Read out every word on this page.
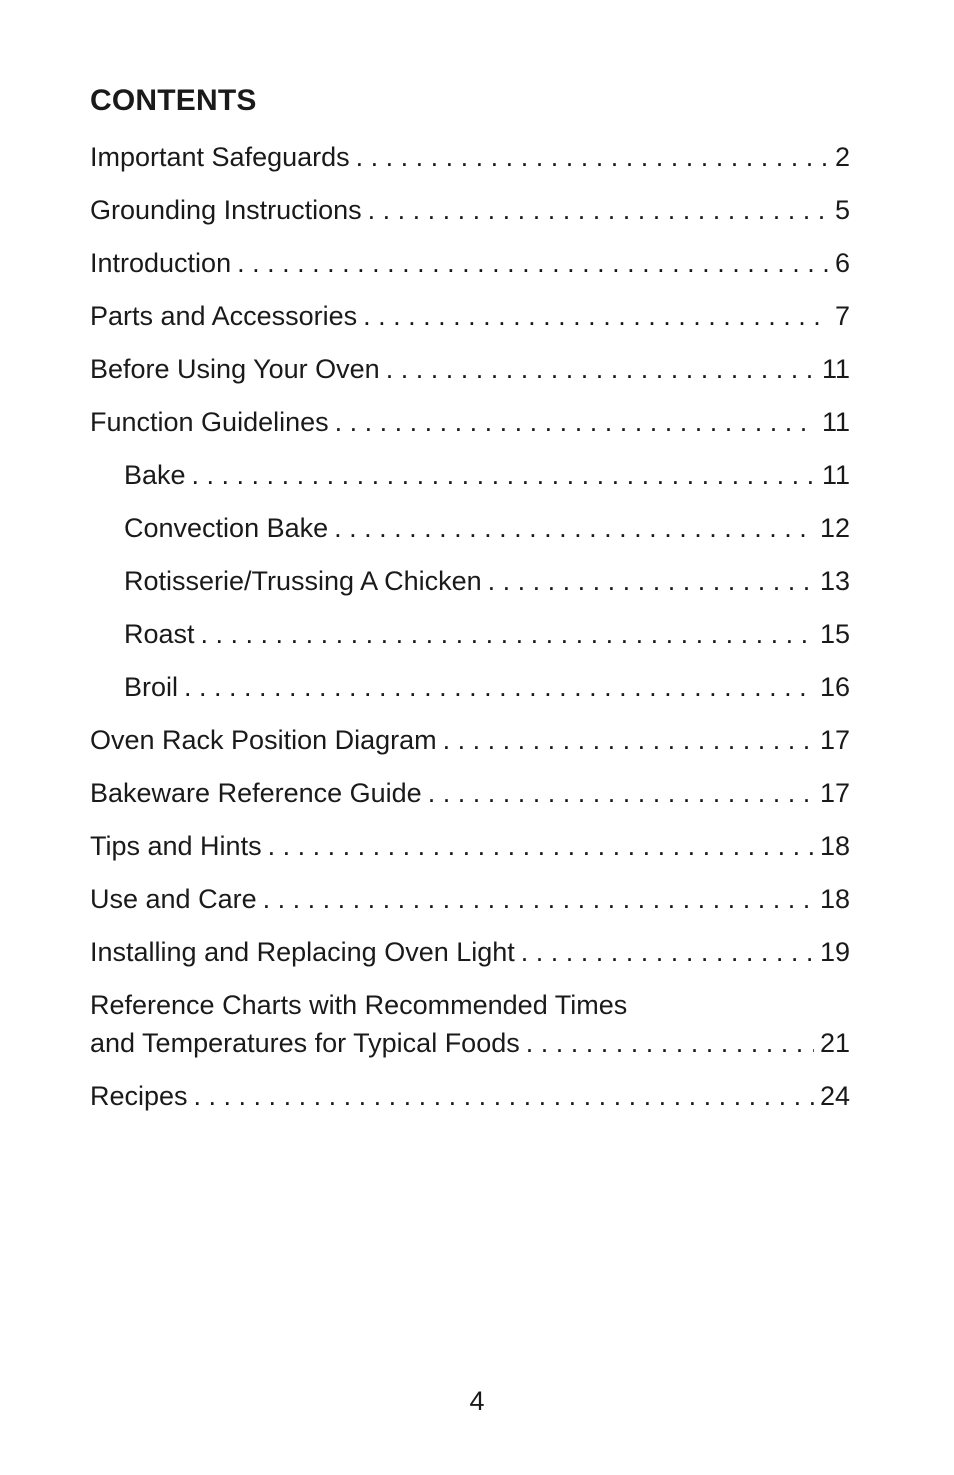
CONTENTS
Important Safeguards . . .	2
Grounding Instructions . . .	5
Introduction . . .	6
Parts and Accessories . . .	7
Before Using Your Oven . . .	11
Function Guidelines . . .	11
Bake . . .	11
Convection Bake . . .	12
Rotisserie/Trussing A Chicken . . .	13
Roast . . .	15
Broil . . .	16
Oven Rack Position Diagram . . .	17
Bakeware Reference Guide . . .	17
Tips and Hints . . .	18
Use and Care . . .	18
Installing and Replacing Oven Light . . .	19
Reference Charts with Recommended Times
and Temperatures for Typical Foods . . .	21
Recipes . . .	24
4
